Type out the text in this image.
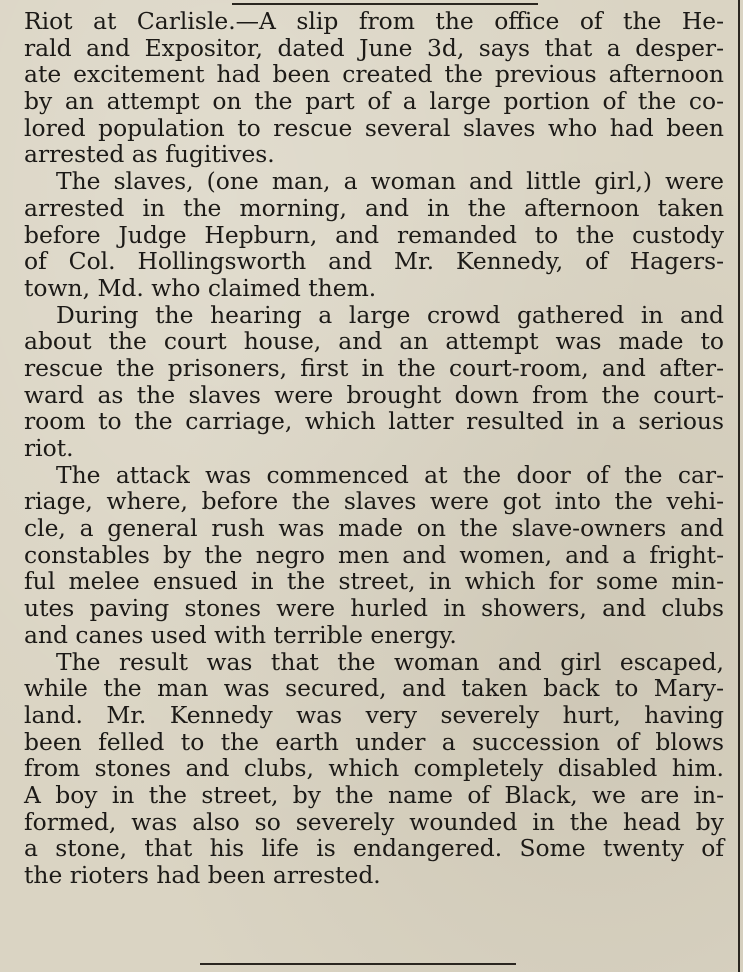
Riot at Carlisle.—A slip from the office of the He-
rald and Expositor, dated June 3d, says that a desper-
ate excitement had been created the previous afternoon
by an attempt on the part of a large portion of the co-
lored population to rescue several slaves who had been
arrested as fugitives.
The slaves, (one man, a woman and little girl,) were
arrested in the morning, and in the afternoon taken
before Judge Hepburn, and remanded to the custody
of Col. Hollingsworth and Mr. Kennedy, of Hagers-
town, Md. who claimed them.
During the hearing a large crowd gathered in and
about the court house, and an attempt was made to
rescue the prisoners, first in the court-room, and after-
ward as the slaves were brought down from the court-
room to the carriage, which latter resulted in a serious
riot.
The attack was commenced at the door of the car-
riage, where, before the slaves were got into the vehi-
cle, a general rush was made on the slave-owners and
constables by the negro men and women, and a fright-
ful melee ensued in the street, in which for some min-
utes paving stones were hurled in showers, and clubs
and canes used with terrible energy.
The result was that the woman and girl escaped,
while the man was secured, and taken back to Mary-
land. Mr. Kennedy was very severely hurt, having
been felled to the earth under a succession of blows
from stones and clubs, which completely disabled him.
A boy in the street, by the name of Black, we are in-
formed, was also so severely wounded in the head by
a stone, that his life is endangered. Some twenty of
the rioters had been arrested.
